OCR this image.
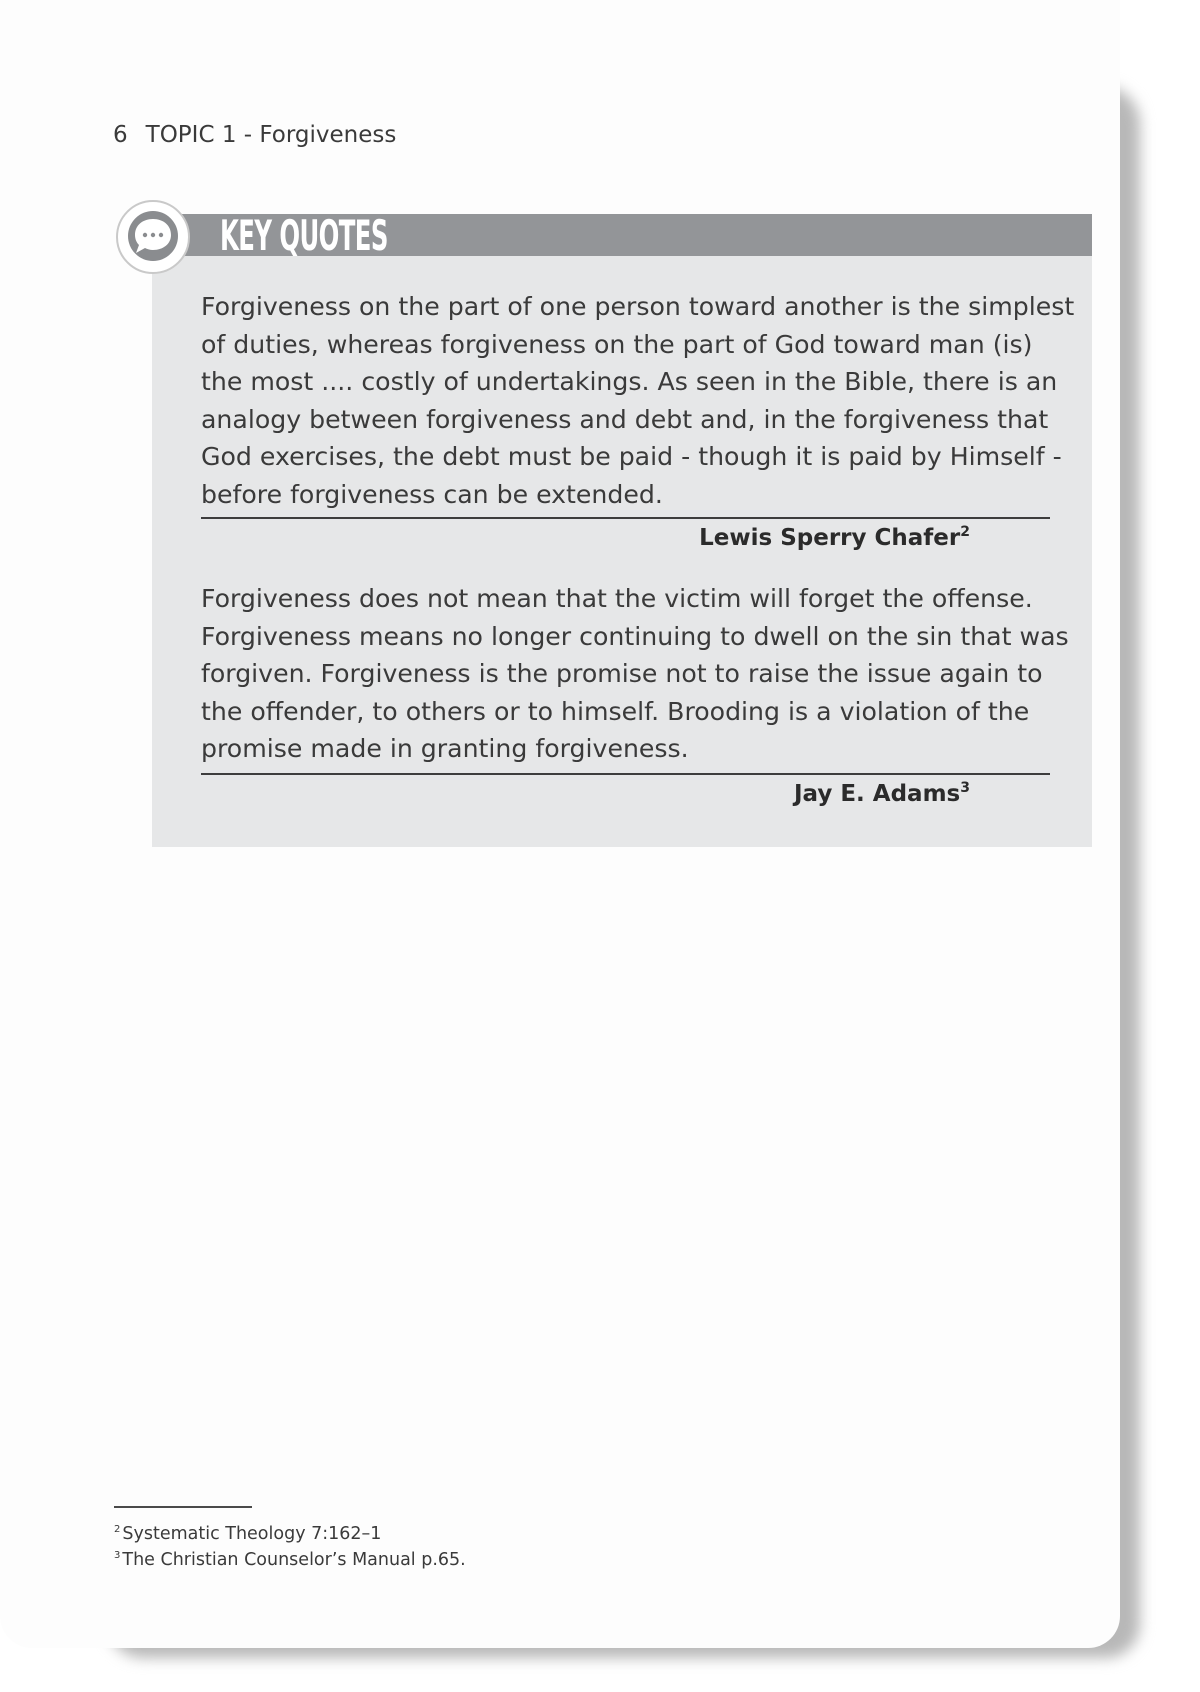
6 TOPIC 1 - Forgiveness
KEY QUOTES

Forgiveness on the part of one person toward another is the simplest
of duties, whereas forgiveness on the part of God toward man (is)
the most .... costly of undertakings. As seen in the Bible, there is an
analogy between forgiveness and debt and, in the forgiveness that
God exercises, the debt must be paid - though it is paid by Himself -
before forgiveness can be extended.

Lewis Sperry Chafer$^2$

Forgiveness does not mean that the victim will forget the offense.
Forgiveness means no longer continuing to dwell on the sin that was
forgiven. Forgiveness is the promise not to raise the issue again to
the offender, to others or to himself. Brooding is a violation of the
promise made in granting forgiveness.

Jay E. Adams$^3$
$^2$ Systematic Theology 7:162–1
$^3$ The Christian Counselor’s Manual p.65.
